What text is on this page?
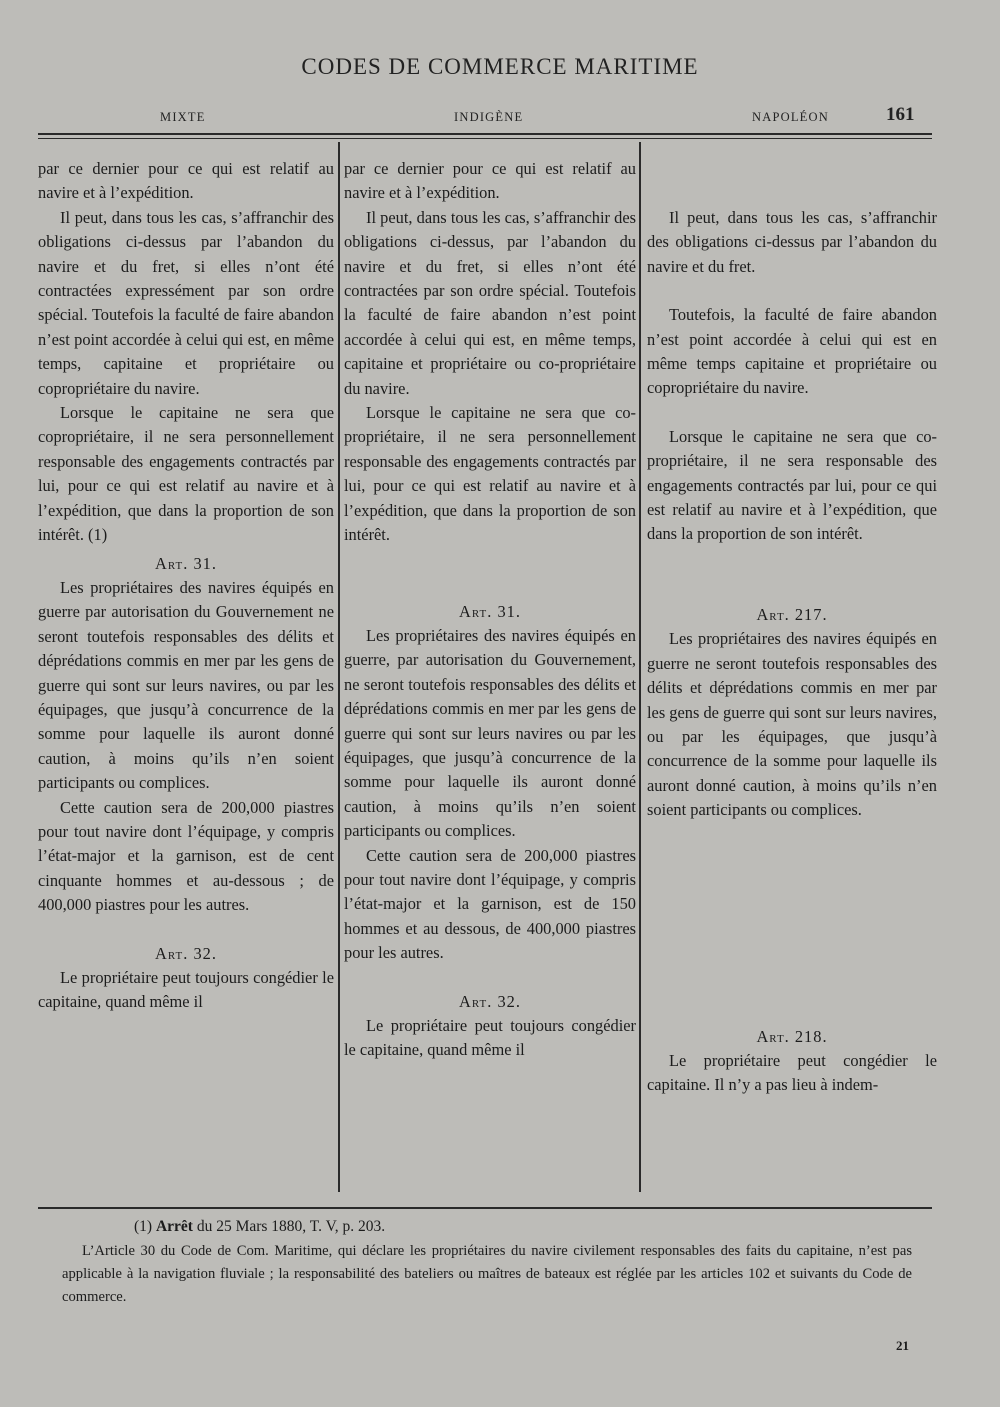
CODES DE COMMERCE MARITIME
MIXTE	INDIGÈNE	NAPOLÉON	161

par ce dernier pour ce qui est relatif au navire et à l’expédition.

Il peut, dans tous les cas, s’affranchir des obligations ci-dessus par l’abandon du navire et du fret, si elles n’ont été contractées expressément par son ordre spécial. Toutefois la faculté de faire abandon n’est point accordée à celui qui est, en même temps, capitaine et propriétaire ou copropriétaire du navire.

Lorsque le capitaine ne sera que copropriétaire, il ne sera personnellement responsable des engagements contractés par lui, pour ce qui est relatif au navire et à l’expédition, que dans la proportion de son intérêt. (1)

Art. 31.

Les propriétaires des navires équipés en guerre par autorisation du Gouvernement ne seront toutefois responsables des délits et déprédations commis en mer par les gens de guerre qui sont sur leurs navires, ou par les équipages, que jusqu’à concurrence de la somme pour laquelle ils auront donné caution, à moins qu’ils n’en soient participants ou complices.

Cette caution sera de 200,000 piastres pour tout navire dont l’équipage, y compris l’état-major et la garnison, est de cent cinquante hommes et au-dessous ; de 400,000 piastres pour les autres.

Art. 32.

Le propriétaire peut toujours congédier le capitaine, quand même il

par ce dernier pour ce qui est relatif au navire et à l’expédition.

Il peut, dans tous les cas, s’affranchir des obligations ci-dessus, par l’abandon du navire et du fret, si elles n’ont été contractées par son ordre spécial. Toutefois la faculté de faire abandon n’est point accordée à celui qui est, en même temps, capitaine et propriétaire ou co-propriétaire du navire.

Lorsque le capitaine ne sera que co-propriétaire, il ne sera personnellement responsable des engagements contractés par lui, pour ce qui est relatif au navire et à l’expédition, que dans la proportion de son intérêt.

Art. 31.

Les propriétaires des navires équipés en guerre, par autorisation du Gouvernement, ne seront toutefois responsables des délits et déprédations commis en mer par les gens de guerre qui sont sur leurs navires ou par les équipages, que jusqu’à concurrence de la somme pour laquelle ils auront donné caution, à moins qu’ils n’en soient participants ou complices.

Cette caution sera de 200,000 piastres pour tout navire dont l’équipage, y compris l’état-major et la garnison, est de 150 hommes et au dessous, de 400,000 piastres pour les autres.

Art. 32.

Le propriétaire peut toujours congédier le capitaine, quand même il

Il peut, dans tous les cas, s’affranchir des obligations ci-dessus par l’abandon du navire et du fret.

Toutefois, la faculté de faire abandon n’est point accordée à celui qui est en même temps capitaine et propriétaire ou copropriétaire du navire.

Lorsque le capitaine ne sera que co-propriétaire, il ne sera responsable des engagements contractés par lui, pour ce qui est relatif au navire et à l’expédition, que dans la proportion de son intérêt.

Art. 217.

Les propriétaires des navires équipés en guerre ne seront toutefois responsables des délits et déprédations commis en mer par les gens de guerre qui sont sur leurs navires, ou par les équipages, que jusqu’à concurrence de la somme pour laquelle ils auront donné caution, à moins qu’ils n’en soient participants ou complices.

Art. 218.

Le propriétaire peut congédier le capitaine. Il n’y a pas lieu à indem-

(1) Arrêt du 25 Mars 1880, T. V, p. 203.
L’Article 30 du Code de Com. Maritime, qui déclare les propriétaires du navire civilement responsables des faits du capitaine, n’est pas applicable à la navigation fluviale ; la responsabilité des bateliers ou maîtres de bateaux est réglée par les articles 102 et suivants du Code de commerce.
21
